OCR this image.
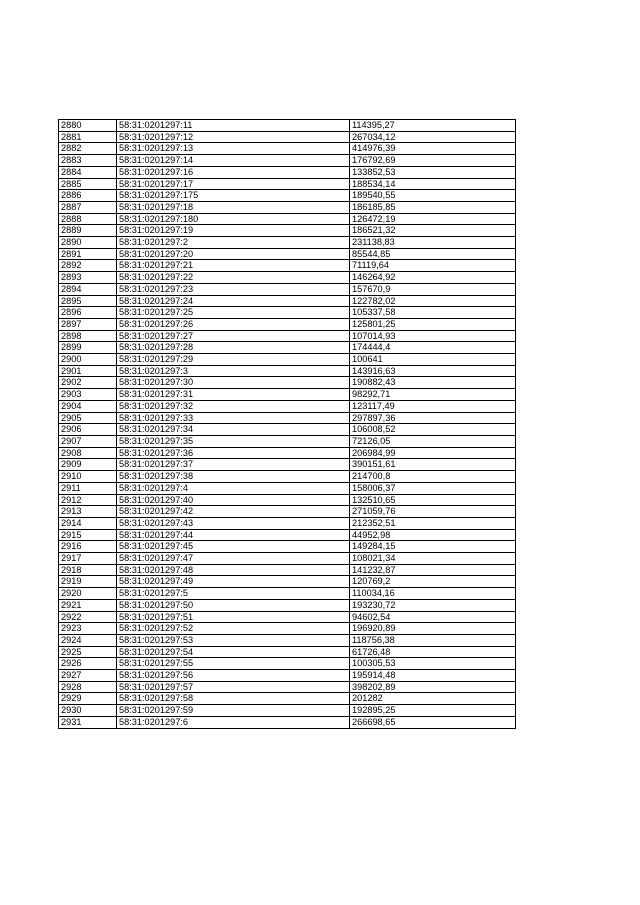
2880	58:31:0201297:11	114395,27
2881	58:31:0201297:12	267034,12
2882	58:31:0201297:13	414976,39
2883	58:31:0201297:14	176792,69
2884	58:31:0201297:16	133852,53
2885	58:31:0201297:17	188534,14
2886	58:31:0201297:175	189540,55
2887	58:31:0201297:18	186185,85
2888	58:31:0201297:180	126472,19
2889	58:31:0201297:19	186521,32
2890	58:31:0201297:2	231138,83
2891	58:31:0201297:20	85544,85
2892	58:31:0201297:21	71119,64
2893	58:31:0201297:22	146264,92
2894	58:31:0201297:23	157670,9
2895	58:31:0201297:24	122782,02
2896	58:31:0201297:25	105337,58
2897	58:31:0201297:26	125801,25
2898	58:31:0201297:27	107014,93
2899	58:31:0201297:28	174444,4
2900	58:31:0201297:29	100641
2901	58:31:0201297:3	143916,63
2902	58:31:0201297:30	190882,43
2903	58:31:0201297:31	98292,71
2904	58:31:0201297:32	123117,49
2905	58:31:0201297:33	297897,36
2906	58:31:0201297:34	106008,52
2907	58:31:0201297:35	72126,05
2908	58:31:0201297:36	206984,99
2909	58:31:0201297:37	390151,61
2910	58:31:0201297:38	214700,8
2911	58:31:0201297:4	158006,37
2912	58:31:0201297:40	132510,65
2913	58:31:0201297:42	271059,76
2914	58:31:0201297:43	212352,51
2915	58:31:0201297:44	44952,98
2916	58:31:0201297:45	149284,15
2917	58:31:0201297:47	108021,34
2918	58:31:0201297:48	141232,87
2919	58:31:0201297:49	120769,2
2920	58:31:0201297:5	110034,16
2921	58:31:0201297:50	193230,72
2922	58:31:0201297:51	94602,54
2923	58:31:0201297:52	196920,89
2924	58:31:0201297:53	118756,38
2925	58:31:0201297:54	61726,48
2926	58:31:0201297:55	100305,53
2927	58:31:0201297:56	195914,48
2928	58:31:0201297:57	398202,89
2929	58:31:0201297:58	201282
2930	58:31:0201297:59	192895,25
2931	58:31:0201297:6	266698,65
